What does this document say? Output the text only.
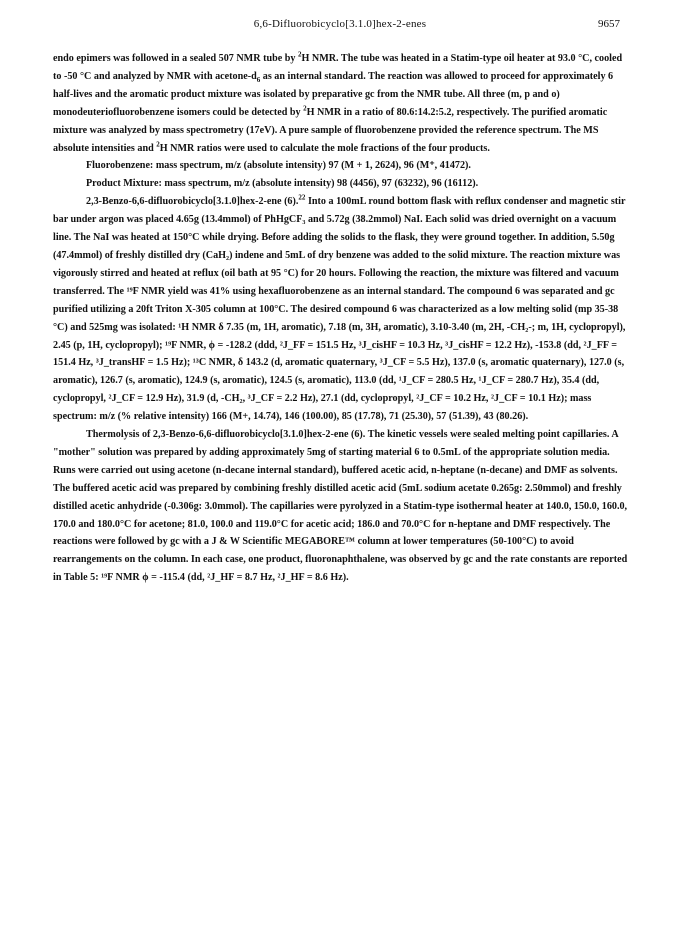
6,6-Difluorobicyclo[3.1.0]hex-2-enes	9657

endo epimers was followed in a sealed 507 NMR tube by $^2$H NMR. The tube was heated in a Statim-type oil heater at 93.0 °C, cooled to -50 °C and analyzed by NMR with acetone-$d_6$ as an internal standard. The reaction was allowed to proceed for approximately 6 half-lives and the aromatic product mixture was isolated by preparative gc from the NMR tube. All three (m, p and o) monodeuteriofluorobenzene isomers could be detected by $^2$H NMR in a ratio of 80.6:14.2:5.2, respectively. The purified aromatic mixture was analyzed by mass spectrometry (17eV). A pure sample of fluorobenzene provided the reference spectrum. The MS absolute intensities and $^2$H NMR ratios were used to calculate the mole fractions of the four products.

Fluorobenzene: mass spectrum, m/z (absolute intensity) 97 (M + 1, 2624), 96 (M⁺, 41472).

Product Mixture: mass spectrum, m/z (absolute intensity) 98 (4456), 97 (63232), 96 (16112).

2,3-Benzo-6,6-difluorobicyclo[3.1.0]hex-2-ene (6).$^{22}$ Into a 100mL round bottom flask with reflux condenser and magnetic stir bar under argon was placed 4.65g (13.4mmol) of PhHgCF₃ and 5.72g (38.2mmol) NaI. Each solid was dried overnight on a vacuum line. The NaI was heated at 150°C while drying. Before adding the solids to the flask, they were ground together. In addition, 5.50g (47.4mmol) of freshly distilled dry (CaH₂) indene and 5mL of dry benzene was added to the solid mixture. The reaction mixture was vigorously stirred and heated at reflux (oil bath at 95 °C) for 20 hours. Following the reaction, the mixture was filtered and vacuum transferred. The ¹⁹F NMR yield was 41% using hexafluorobenzene as an internal standard. The compound 6 was separated and gc purified utilizing a 20ft Triton X-305 column at 100°C. The desired compound 6 was characterized as a low melting solid (mp 35-38 °C) and 525mg was isolated: ¹H NMR δ 7.35 (m, 1H, aromatic), 7.18 (m, 3H, aromatic), 3.10-3.40 (m, 2H, -CH₂-; m, 1H, cyclopropyl), 2.45 (p, 1H, cyclopropyl); ¹⁹F NMR, ϕ = -128.2 (ddd, ²J_FF = 151.5 Hz, ³J_cisHF = 10.3 Hz, ³J_cisHF = 12.2 Hz), -153.8 (dd, ²J_FF = 151.4 Hz, ³J_transHF = 1.5 Hz); ¹³C NMR, δ 143.2 (d, aromatic quaternary, ³J_CF = 5.5 Hz), 137.0 (s, aromatic quaternary), 127.0 (s, aromatic), 126.7 (s, aromatic), 124.9 (s, aromatic), 124.5 (s, aromatic), 113.0 (dd, ¹J_CF = 280.5 Hz, ¹J_CF = 280.7 Hz), 35.4 (dd, cyclopropyl, ²J_CF = 12.9 Hz), 31.9 (d, -CH₂, ³J_CF = 2.2 Hz), 27.1 (dd, cyclopropyl, ²J_CF = 10.2 Hz, ²J_CF = 10.1 Hz); mass spectrum: m/z (% relative intensity) 166 (M+, 14.74), 146 (100.00), 85 (17.78), 71 (25.30), 57 (51.39), 43 (80.26).

Thermolysis of 2,3-Benzo-6,6-difluorobicyclo[3.1.0]hex-2-ene (6). The kinetic vessels were sealed melting point capillaries. A "mother" solution was prepared by adding approximately 5mg of starting material 6 to 0.5mL of the appropriate solution media. Runs were carried out using acetone (n-decane internal standard), buffered acetic acid, n-heptane (n-decane) and DMF as solvents. The buffered acetic acid was prepared by combining freshly distilled acetic acid (5mL sodium acetate 0.265g: 2.50mmol) and freshly distilled acetic anhydride (-0.306g: 3.0mmol). The capillaries were pyrolyzed in a Statim-type isothermal heater at 140.0, 150.0, 160.0, 170.0 and 180.0°C for acetone; 81.0, 100.0 and 119.0°C for acetic acid; 186.0 and 70.0°C for n-heptane and DMF respectively. The reactions were followed by gc with a J & W Scientific MEGABORE™ column at lower temperatures (50-100°C) to avoid rearrangements on the column. In each case, one product, fluoronaphthalene, was observed by gc and the rate constants are reported in Table 5: ¹⁹F NMR ϕ = -115.4 (dd, ²J_HF = 8.7 Hz, ²J_HF = 8.6 Hz).
